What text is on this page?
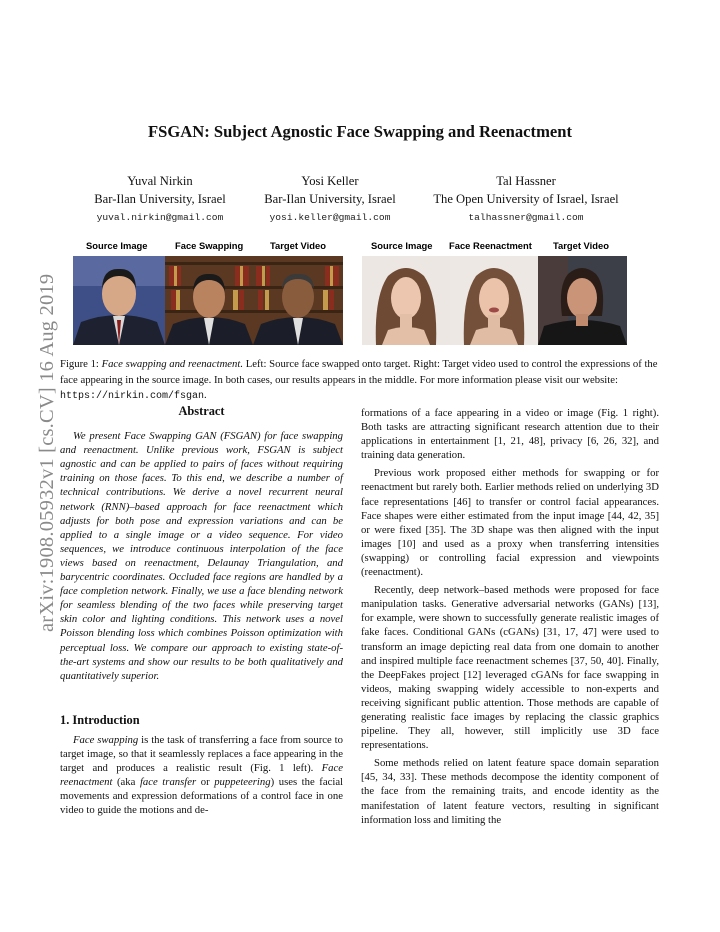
arXiv:1908.05932v1 [cs.CV] 16 Aug 2019
FSGAN: Subject Agnostic Face Swapping and Reenactment
Yuval Nirkin
Bar-Ilan University, Israel
yuval.nirkin@gmail.com
Yosi Keller
Bar-Ilan University, Israel
yosi.keller@gmail.com
Tal Hassner
The Open University of Israel, Israel
talhassner@gmail.com
Source Image	Face Swapping	Target Video	Source Image Face Reenactment Target Video
Figure 1: Face swapping and reenactment. Left: Source face swapped onto target. Right: Target video used to control the expressions of the face appearing in the source image. In both cases, our results appears in the middle. For more information please visit our website: https://nirkin.com/fsgan.
Abstract

We present Face Swapping GAN (FSGAN) for face swapping and reenactment. Unlike previous work, FSGAN is subject agnostic and can be applied to pairs of faces without requiring training on those faces. To this end, we describe a number of technical contributions. We derive a novel recurrent neural network (RNN)–based approach for face reenactment which adjusts for both pose and expression variations and can be applied to a single image or a video sequence. For video sequences, we introduce continuous interpolation of the face views based on reenactment, Delaunay Triangulation, and barycentric coordinates. Occluded face regions are handled by a face completion network. Finally, we use a face blending network for seamless blending of the two faces while preserving target skin color and lighting conditions. This network uses a novel Poisson blending loss which combines Poisson optimization with perceptual loss. We compare our approach to existing state-of-the-art systems and show our results to be both qualitatively and quantitatively superior.

1. Introduction

Face swapping is the task of transferring a face from source to target image, so that it seamlessly replaces a face appearing in the target and produces a realistic result (Fig. 1 left). Face reenactment (aka face transfer or puppeteering) uses the facial movements and expression deformations of a control face in one video to guide the motions and de-

formations of a face appearing in a video or image (Fig. 1 right). Both tasks are attracting significant research attention due to their applications in entertainment [1, 21, 48], privacy [6, 26, 32], and training data generation.

Previous work proposed either methods for swapping or for reenactment but rarely both. Earlier methods relied on underlying 3D face representations [46] to transfer or control facial appearances. Face shapes were either estimated from the input image [44, 42, 35] or were fixed [35]. The 3D shape was then aligned with the input images [10] and used as a proxy when transferring intensities (swapping) or controlling facial expression and viewpoints (reenactment).

Recently, deep network–based methods were proposed for face manipulation tasks. Generative adversarial networks (GANs) [13], for example, were shown to successfully generate realistic images of fake faces. Conditional GANs (cGANs) [31, 17, 47] were used to transform an image depicting real data from one domain to another and inspired multiple face reenactment schemes [37, 50, 40]. Finally, the DeepFakes project [12] leveraged cGANs for face swapping in videos, making swapping widely accessible to non-experts and receiving significant public attention. Those methods are capable of generating realistic face images by replacing the classic graphics pipeline. They all, however, still implicitly use 3D face representations.

Some methods relied on latent feature space domain separation [45, 34, 33]. These methods decompose the identity component of the face from the remaining traits, and encode identity as the manifestation of latent feature vectors, resulting in significant information loss and limiting the
